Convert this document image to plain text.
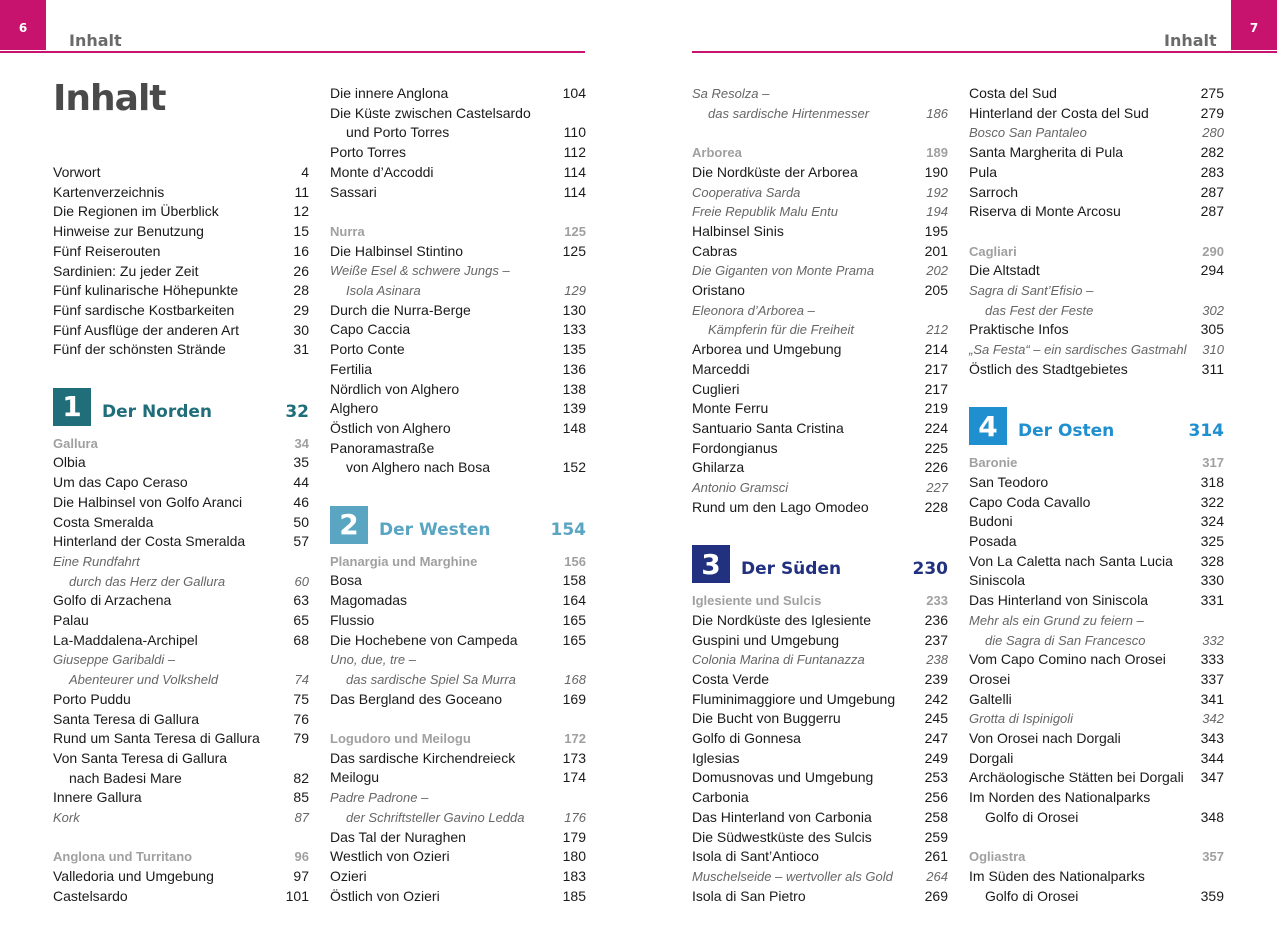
6
Inhalt
7
Inhalt
Inhalt
Vorwort	4
Kartenverzeichnis	11
Die Regionen im Überblick	12
Hinweise zur Benutzung	15
Fünf Reiserouten	16
Sardinien: Zu jeder Zeit	26
Fünf kulinarische Höhepunkte	28
Fünf sardische Kostbarkeiten	29
Fünf Ausflüge der anderen Art	30
Fünf der schönsten Strände	31
1	Der Norden	32
Gallura	34
Olbia	35
Um das Capo Ceraso	44
Die Halbinsel von Golfo Aranci	46
Costa Smeralda	50
Hinterland der Costa Smeralda	57
Eine Rundfahrt
durch das Herz der Gallura	60
Golfo di Arzachena	63
Palau	65
La-Maddalena-Archipel	68
Giuseppe Garibaldi –
Abenteurer und Volksheld	74
Porto Puddu	75
Santa Teresa di Gallura	76
Rund um Santa Teresa di Gallura	79
Von Santa Teresa di Gallura
nach Badesi Mare	82
Innere Gallura	85
Kork	87
Anglona und Turritano	96
Valledoria und Umgebung	97
Castelsardo	101
Die innere Anglona	104
Die Küste zwischen Castelsardo
und Porto Torres	110
Porto Torres	112
Monte d’Accoddi	114
Sassari	114
Nurra	125
Die Halbinsel Stintino	125
Weiße Esel & schwere Jungs –
Isola Asinara	129
Durch die Nurra-Berge	130
Capo Caccia	133
Porto Conte	135
Fertilia	136
Nördlich von Alghero	138
Alghero	139
Östlich von Alghero	148
Panoramastraße
von Alghero nach Bosa	152
2	Der Westen	154
Planargia und Marghine	156
Bosa	158
Magomadas	164
Flussio	165
Die Hochebene von Campeda	165
Uno, due, tre –
das sardische Spiel Sa Murra	168
Das Bergland des Goceano	169
Logudoro und Meilogu	172
Das sardische Kirchendreieck	173
Meilogu	174
Padre Padrone –
der Schriftsteller Gavino Ledda	176
Das Tal der Nuraghen	179
Westlich von Ozieri	180
Ozieri	183
Östlich von Ozieri	185
Sa Resolza –
das sardische Hirtenmesser	186
Arborea	189
Die Nordküste der Arborea	190
Cooperativa Sarda	192
Freie Republik Malu Entu	194
Halbinsel Sinis	195
Cabras	201
Die Giganten von Monte Prama	202
Oristano	205
Eleonora d’Arborea –
Kämpferin für die Freiheit	212
Arborea und Umgebung	214
Marceddi	217
Cuglieri	217
Monte Ferru	219
Santuario Santa Cristina	224
Fordongianus	225
Ghilarza	226
Antonio Gramsci	227
Rund um den Lago Omodeo	228
3	Der Süden	230
Iglesiente und Sulcis	233
Die Nordküste des Iglesiente	236
Guspini und Umgebung	237
Colonia Marina di Funtanazza	238
Costa Verde	239
Fluminimaggiore und Umgebung	242
Die Bucht von Buggerru	245
Golfo di Gonnesa	247
Iglesias	249
Domusnovas und Umgebung	253
Carbonia	256
Das Hinterland von Carbonia	258
Die Südwestküste des Sulcis	259
Isola di Sant’Antioco	261
Muschelseide – wertvoller als Gold	264
Isola di San Pietro	269
Costa del Sud	275
Hinterland der Costa del Sud	279
Bosco San Pantaleo	280
Santa Margherita di Pula	282
Pula	283
Sarroch	287
Riserva di Monte Arcosu	287
Cagliari	290
Die Altstadt	294
Sagra di Sant’Efisio –
das Fest der Feste	302
Praktische Infos	305
„Sa Festa“ – ein sardisches Gastmahl	310
Östlich des Stadtgebietes	311
4	Der Osten	314
Baronie	317
San Teodoro	318
Capo Coda Cavallo	322
Budoni	324
Posada	325
Von La Caletta nach Santa Lucia	328
Siniscola	330
Das Hinterland von Siniscola	331
Mehr als ein Grund zu feiern –
die Sagra di San Francesco	332
Vom Capo Comino nach Orosei	333
Orosei	337
Galtelli	341
Grotta di Ispinigoli	342
Von Orosei nach Dorgali	343
Dorgali	344
Archäologische Stätten bei Dorgali	347
Im Norden des Nationalparks
Golfo di Orosei	348
Ogliastra	357
Im Süden des Nationalparks
Golfo di Orosei	359
